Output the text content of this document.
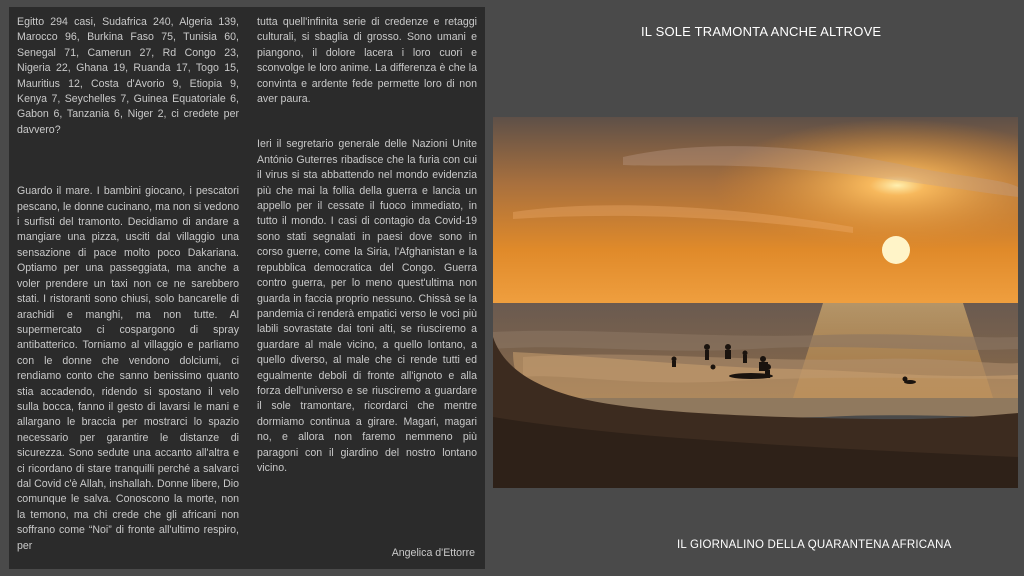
Egitto 294 casi, Sudafrica 240, Algeria 139, Marocco 96, Burkina Faso 75, Tunisia 60, Senegal 71, Camerun 27, Rd Congo 23, Nigeria 22, Ghana 19, Ruanda 17, Togo 15, Mauritius 12, Costa d'Avorio 9, Etiopia 9, Kenya 7, Seychelles 7, Guinea Equatoriale 6, Gabon 6, Tanzania 6, Niger 2, ci credete per davvero?

Guardo il mare. I bambini giocano, i pescatori pescano, le donne cucinano, ma non si vedono i surfisti del tramonto. Decidiamo di andare a mangiare una pizza, usciti dal villaggio una sensazione di pace molto poco Dakariana. Optiamo per una passeggiata, ma anche a voler prendere un taxi non ce ne sarebbero stati. I ristoranti sono chiusi, solo bancarelle di arachidi e manghi, ma non tutte. Al supermercato ci cospargono di spray antibatterico. Torniamo al villaggio e parliamo con le donne che vendono dolciumi, ci rendiamo conto che sanno benissimo quanto stia accadendo, ridendo si spostano il velo sulla bocca, fanno il gesto di lavarsi le mani e allargano le braccia per mostrarci lo spazio necessario per garantire le distanze di sicurezza. Sono sedute una accanto all'altra e ci ricordano di stare tranquilli perché a salvarci dal Covid c'è Allah, inshallah. Donne libere, Dio comunque le salva. Conoscono la morte, non la temono, ma chi crede che gli africani non soffrano come “Noi” di fronte all'ultimo respiro, per

tutta quell'infinita serie di credenze e retaggi culturali, si sbaglia di grosso. Sono umani e piangono, il dolore lacera i loro cuori e sconvolge le loro anime. La differenza è che la convinta e ardente fede permette loro di non aver paura.

Ieri il segretario generale delle Nazioni Unite António Guterres ribadisce che la furia con cui il virus si sta abbattendo nel mondo evidenzia più che mai la follia della guerra e lancia un appello per il cessate il fuoco immediato, in tutto il mondo. I casi di contagio da Covid-19 sono stati segnalati in paesi dove sono in corso guerre, come la Siria, l'Afghanistan e la repubblica democratica del Congo. Guerra contro guerra, per lo meno quest'ultima non guarda in faccia proprio nessuno. Chissà se la pandemia ci renderà empatici verso le voci più labili sovrastate dai toni alti, se riusciremo a guardare al male vicino, a quello lontano, a quello diverso, al male che ci rende tutti ed egualmente deboli di fronte all'ignoto e alla forza dell'universo e se riusciremo a guardare il sole tramontare, ricordarci che mentre dormiamo continua a girare. Magari, magari no, e allora non faremo nemmeno più paragoni con il giardino del nostro lontano vicino.

Angelica d'Ettorre
IL SOLE TRAMONTA ANCHE ALTROVE
IL GIORNALINO DELLA QUARANTENA AFRICANA
